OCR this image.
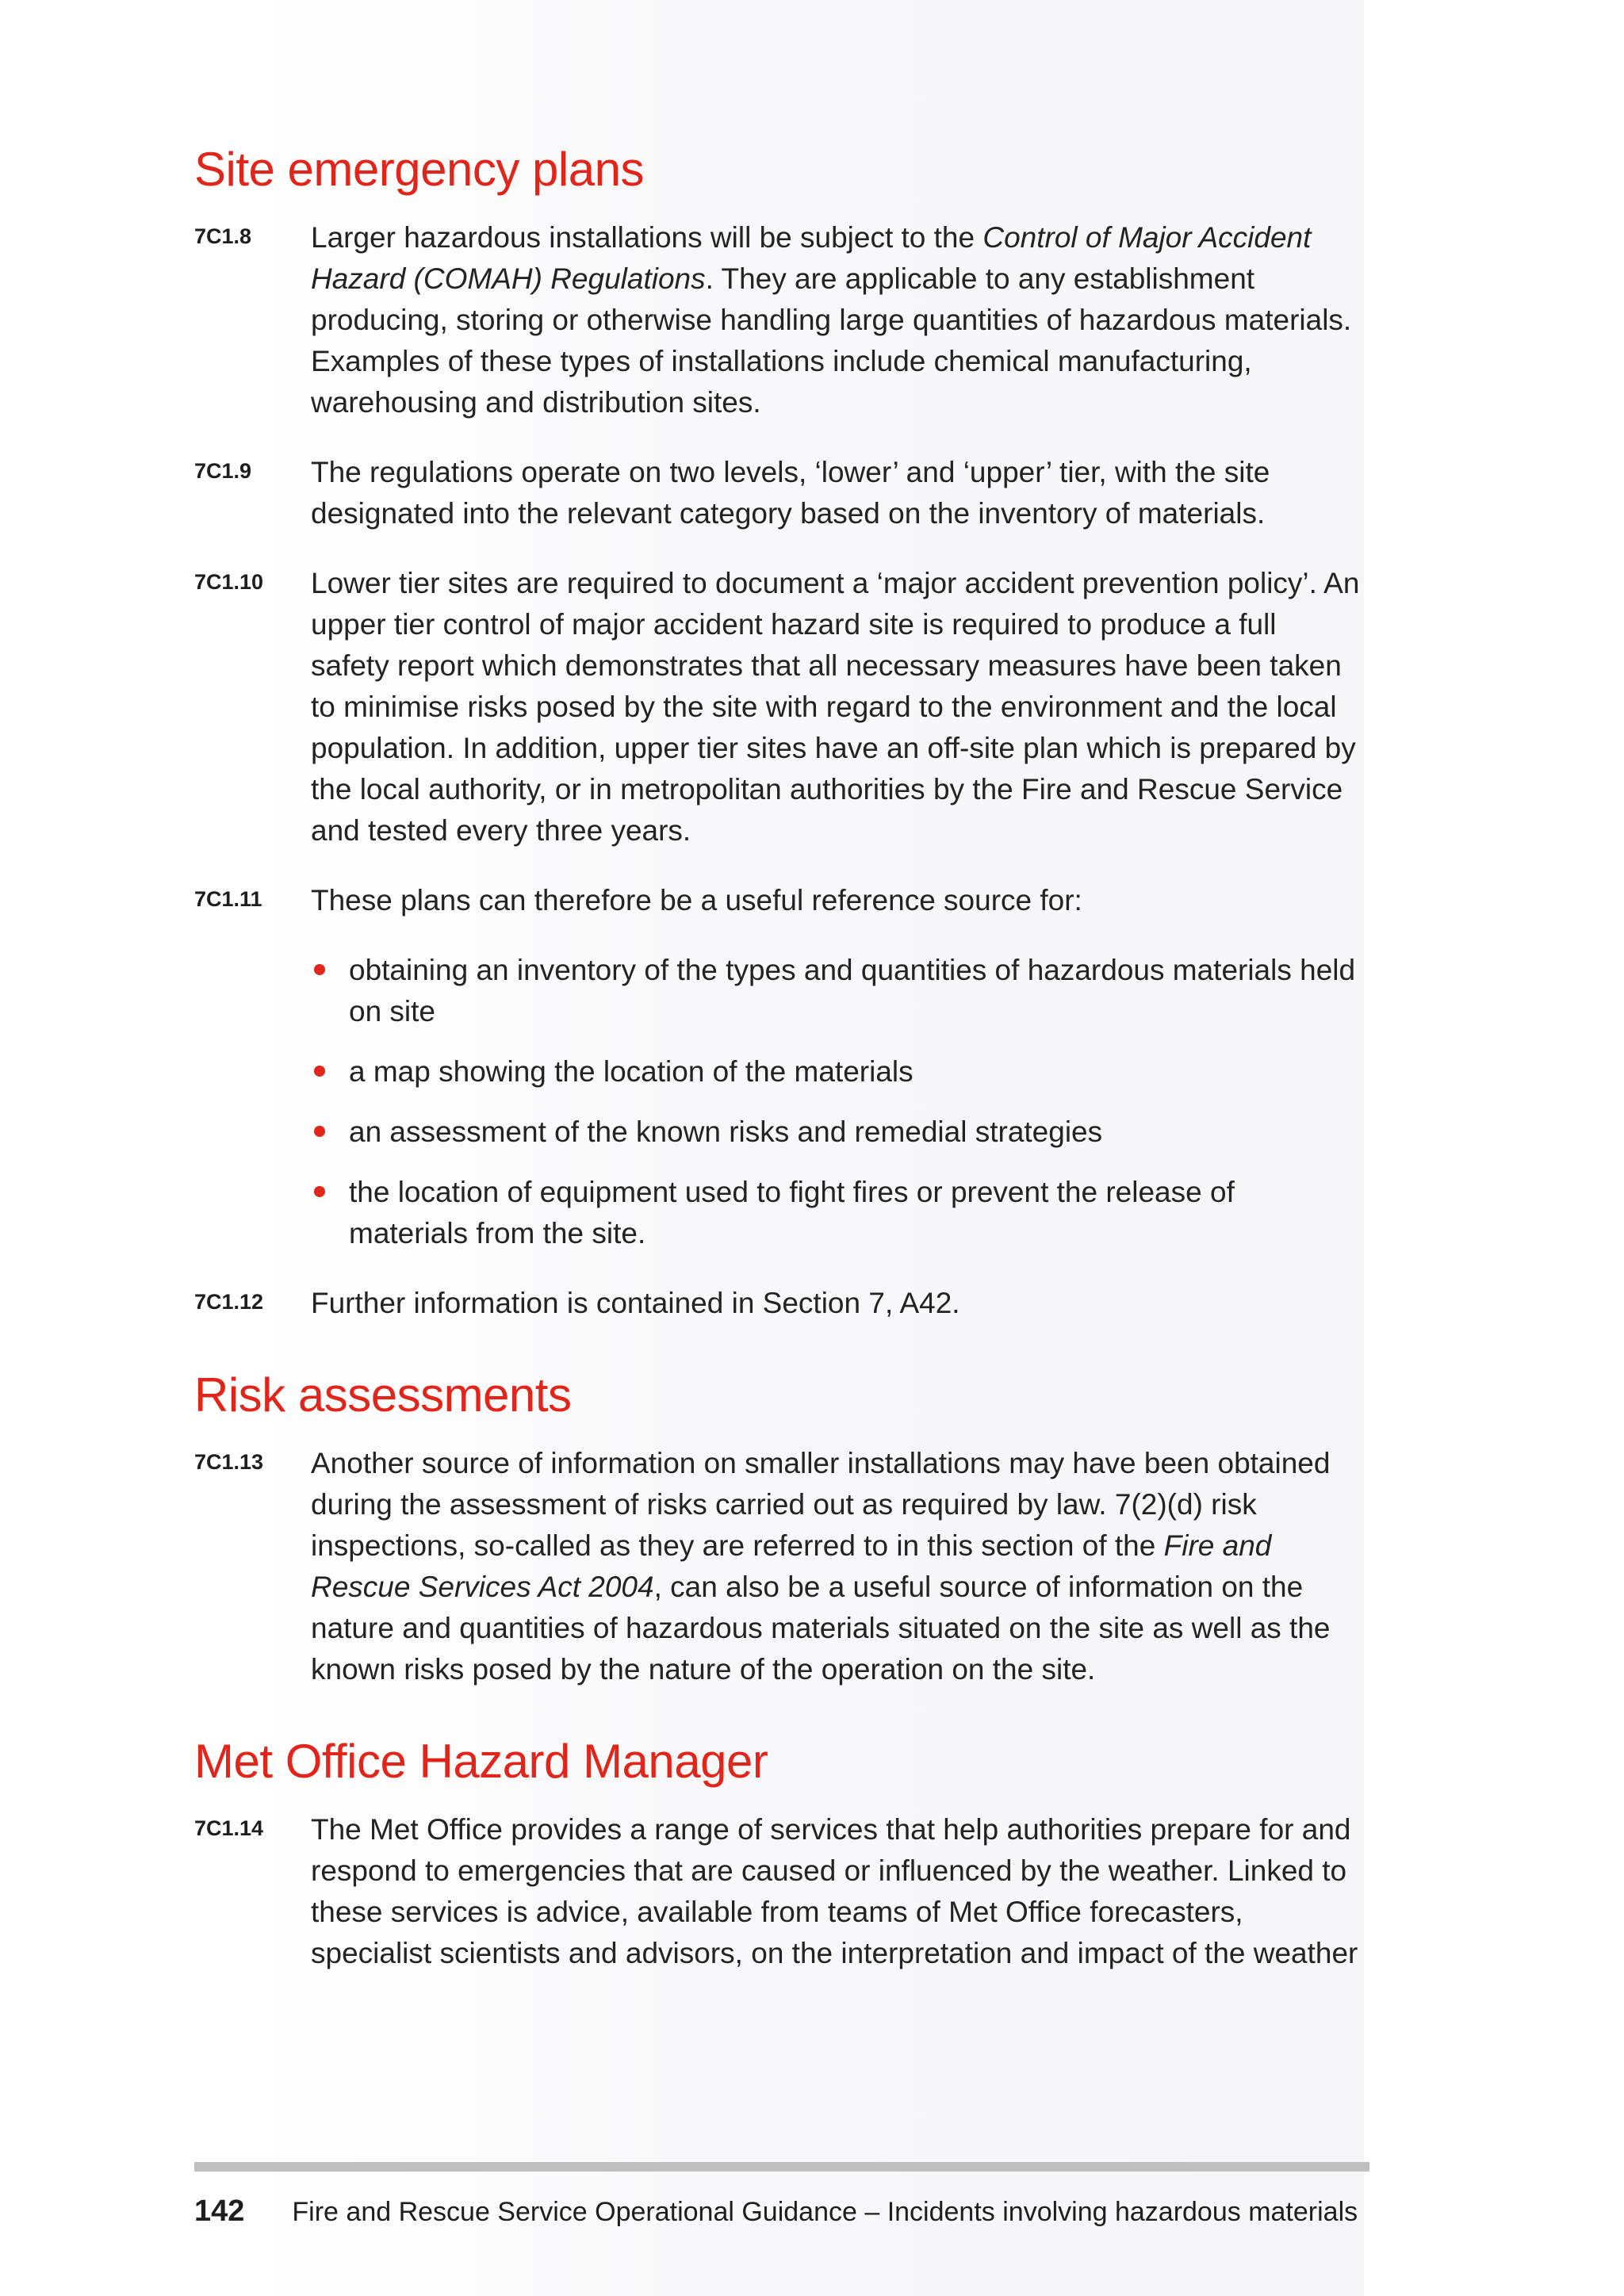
Site emergency plans
7C1.8	Larger hazardous installations will be subject to the Control of Major Accident Hazard (COMAH) Regulations. They are applicable to any establishment producing, storing or otherwise handling large quantities of hazardous materials. Examples of these types of installations include chemical manufacturing, warehousing and distribution sites.
7C1.9	The regulations operate on two levels, ‘lower’ and ‘upper’ tier, with the site designated into the relevant category based on the inventory of materials.
7C1.10	Lower tier sites are required to document a ‘major accident prevention policy’. An upper tier control of major accident hazard site is required to produce a full safety report which demonstrates that all necessary measures have been taken to minimise risks posed by the site with regard to the environment and the local population. In addition, upper tier sites have an off-site plan which is prepared by the local authority, or in metropolitan authorities by the Fire and Rescue Service and tested every three years.
7C1.11	These plans can therefore be a useful reference source for:
obtaining an inventory of the types and quantities of hazardous materials held on site
a map showing the location of the materials
an assessment of the known risks and remedial strategies
the location of equipment used to fight fires or prevent the release of materials from the site.
7C1.12	Further information is contained in Section 7, A42.
Risk assessments
7C1.13	Another source of information on smaller installations may have been obtained during the assessment of risks carried out as required by law. 7(2)(d) risk inspections, so-called as they are referred to in this section of the Fire and Rescue Services Act 2004, can also be a useful source of information on the nature and quantities of hazardous materials situated on the site as well as the known risks posed by the nature of the operation on the site.
Met Office Hazard Manager
7C1.14	The Met Office provides a range of services that help authorities prepare for and respond to emergencies that are caused or influenced by the weather. Linked to these services is advice, available from teams of Met Office forecasters, specialist scientists and advisors, on the interpretation and impact of the weather
142 Fire and Rescue Service Operational Guidance – Incidents involving hazardous materials
